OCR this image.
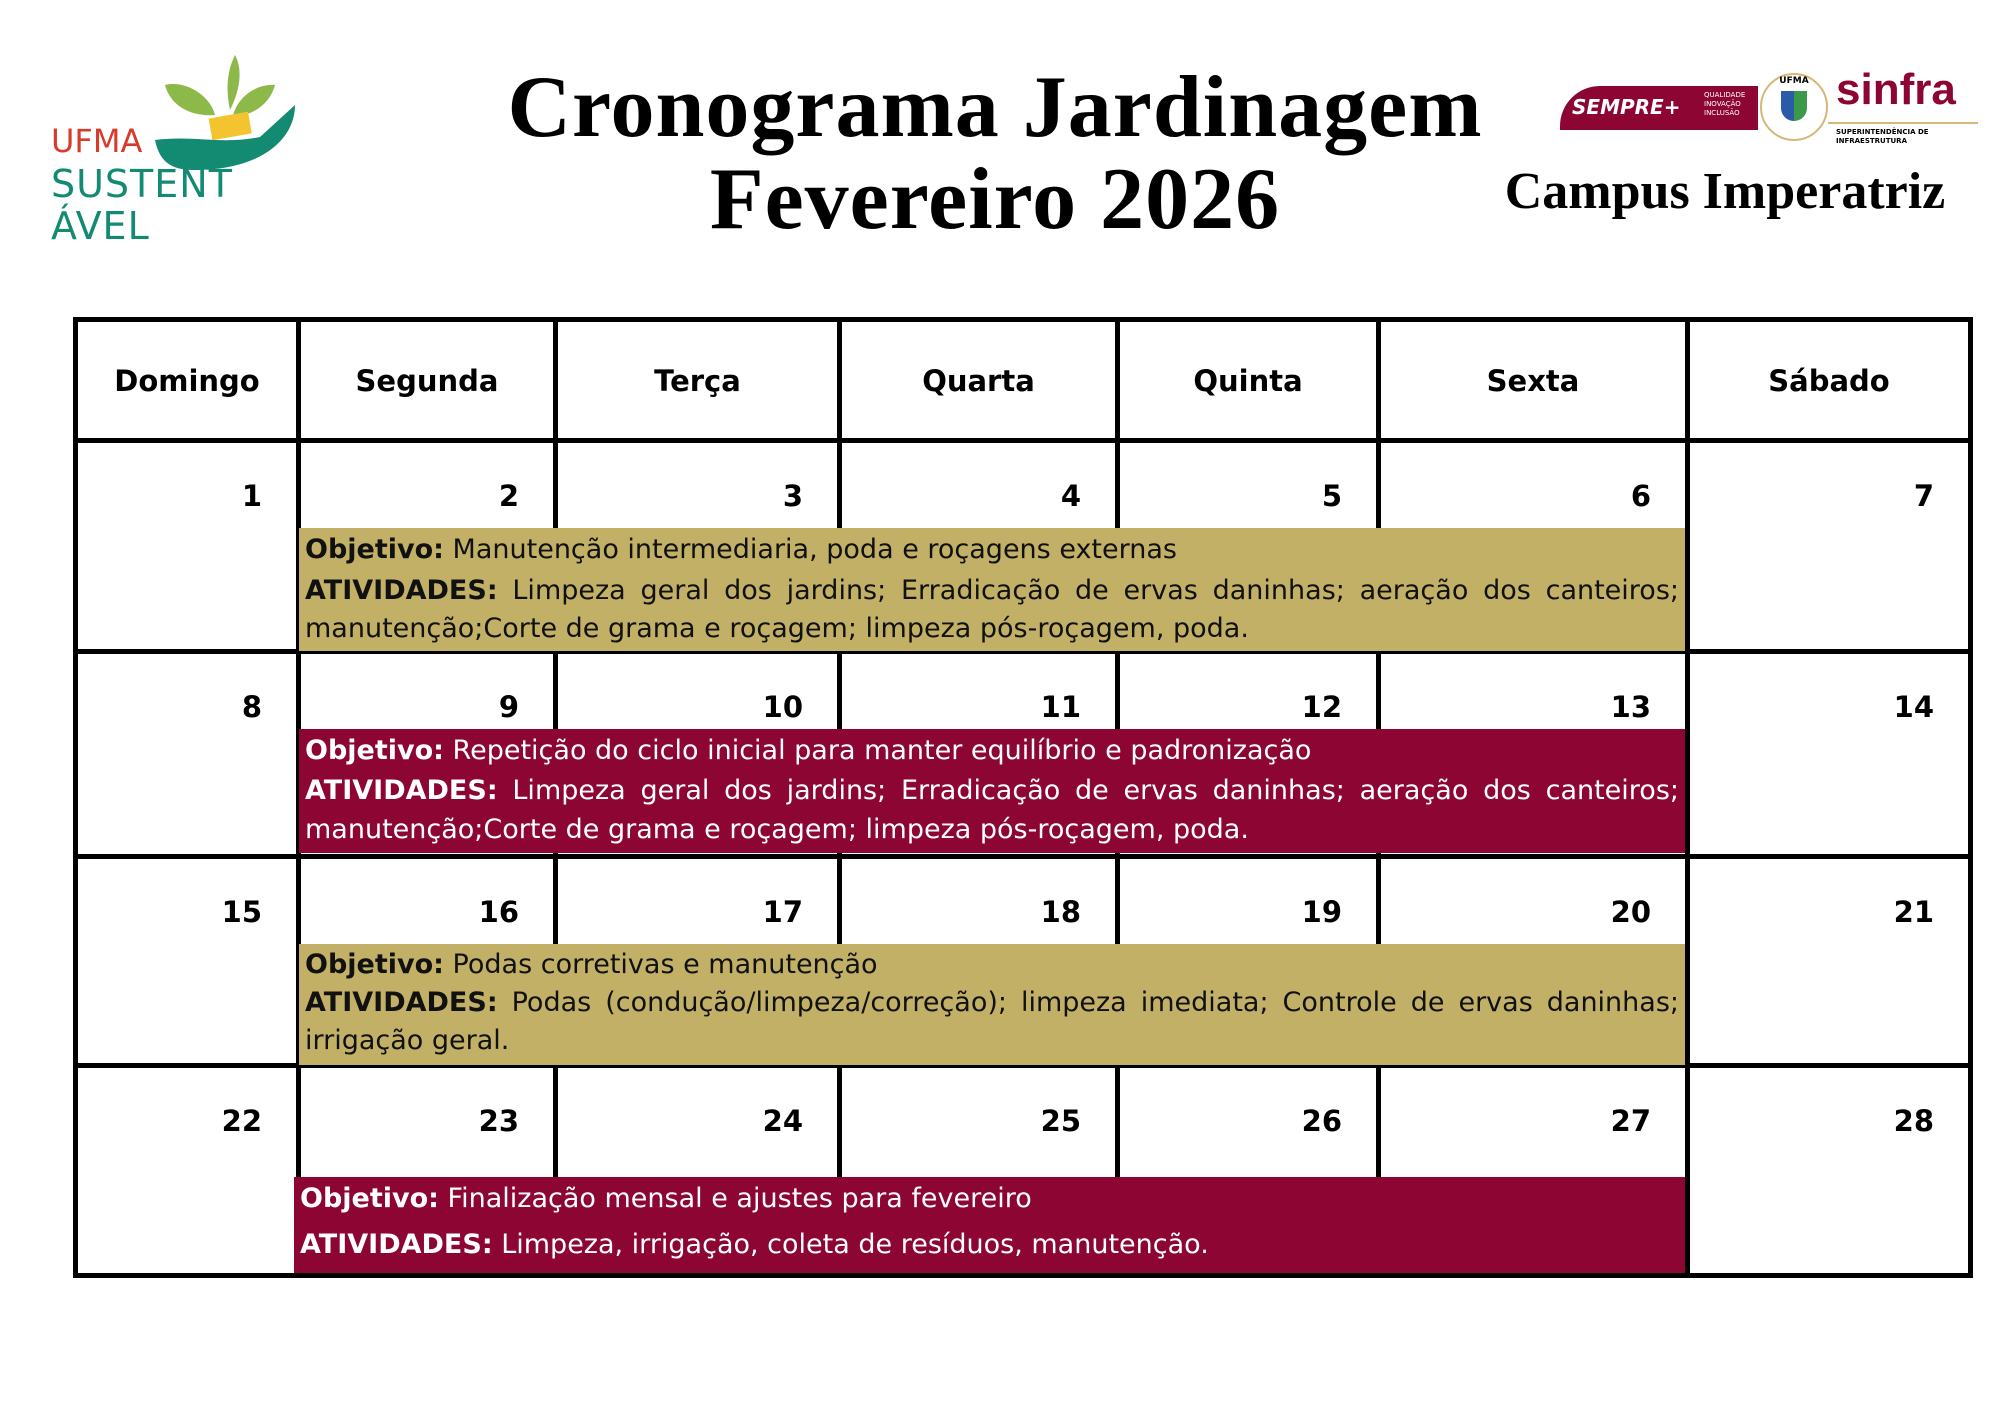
UFMA
SUSTENT ÁVEL
Cronograma Jardinagem
Fevereiro 2026
SEMPRE+	QUALIDADE
INOVAÇÃO
INCLUSÃO
UFMA sinfra
SUPERINTENDÊNCIA DE INFRAESTRUTURA
Campus Imperatriz
Domingo	Segunda	Terça	Quarta	Quinta	Sexta	Sábado
1	2	3	4	5	6	7
8	9	10	11	12	13	14
15	16	17	18	19	20	21
22	23	24	25	26	27	28
Objetivo: Manutenção intermediaria, poda e roçagens externas
ATIVIDADES: Limpeza geral dos jardins; Erradicação de ervas daninhas; aeração dos canteiros; manutenção;Corte de grama e roçagem; limpeza pós-roçagem, poda.
Objetivo: Repetição do ciclo inicial para manter equilíbrio e padronização
ATIVIDADES: Limpeza geral dos jardins; Erradicação de ervas daninhas; aeração dos canteiros; manutenção;Corte de grama e roçagem; limpeza pós-roçagem, poda.
Objetivo: Podas corretivas e manutenção
ATIVIDADES: Podas (condução/limpeza/correção); limpeza imediata; Controle de ervas daninhas; irrigação geral.
Objetivo: Finalização mensal e ajustes para fevereiro
ATIVIDADES: Limpeza, irrigação, coleta de resíduos, manutenção.
